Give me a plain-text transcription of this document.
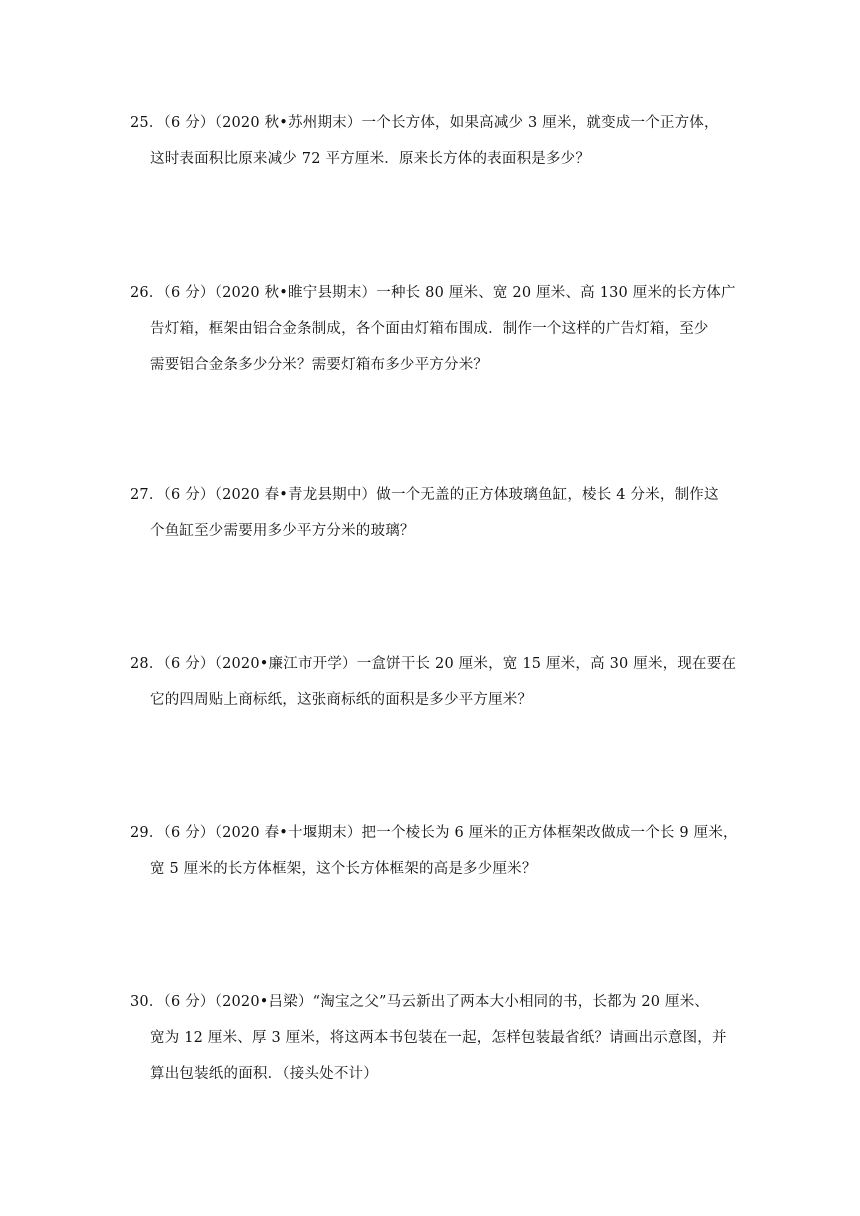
25．（6 分）（2020 秋•苏州期末）一个长方体，如果高减少 3 厘米，就变成一个正方体，
这时表面积比原来减少 72 平方厘米．原来长方体的表面积是多少？
26．（6 分）（2020 秋•睢宁县期末）一种长 80 厘米、宽 20 厘米、高 130 厘米的长方体广
告灯箱，框架由铝合金条制成，各个面由灯箱布围成．制作一个这样的广告灯箱，至少
需要铝合金条多少分米？需要灯箱布多少平方分米？
27．（6 分）（2020 春•青龙县期中）做一个无盖的正方体玻璃鱼缸，棱长 4 分米，制作这
个鱼缸至少需要用多少平方分米的玻璃？
28．（6 分）（2020•廉江市开学）一盒饼干长 20 厘米，宽 15 厘米，高 30 厘米，现在要在
它的四周贴上商标纸，这张商标纸的面积是多少平方厘米？
29．（6 分）（2020 春•十堰期末）把一个棱长为 6 厘米的正方体框架改做成一个长 9 厘米，
宽 5 厘米的长方体框架，这个长方体框架的高是多少厘米？
30．（6 分）（2020•吕梁）“淘宝之父”马云新出了两本大小相同的书，长都为 20 厘米、
宽为 12 厘米、厚 3 厘米，将这两本书包装在一起，怎样包装最省纸？请画出示意图，并
算出包装纸的面积．（接头处不计）
